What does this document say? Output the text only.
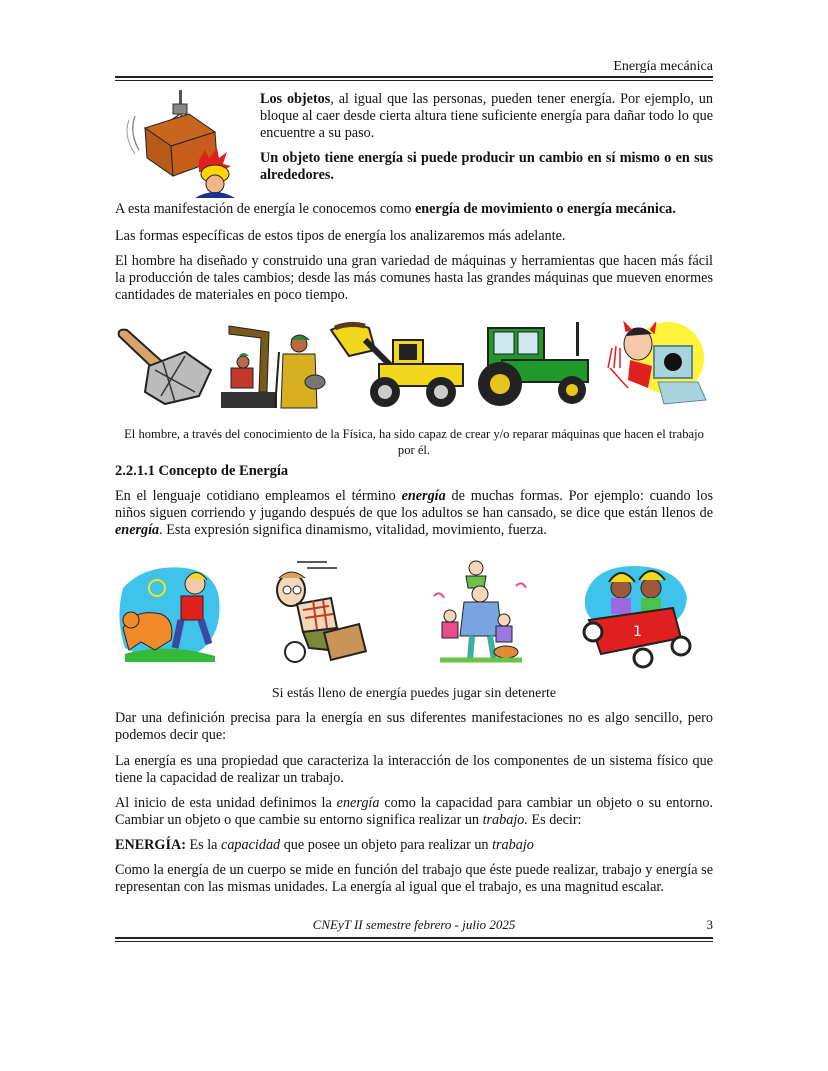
Energía mecánica

Los objetos, al igual que las personas, pueden tener energía. Por ejemplo, un bloque al caer desde cierta altura tiene suficiente energía para dañar todo lo que encuentre a su paso.

Un objeto tiene energía si puede producir un cambio en sí mismo o en sus alrededores.

A esta manifestación de energía le conocemos como energía de movimiento o energía mecánica.

Las formas específicas de estos tipos de energía los analizaremos más adelante.

El hombre ha diseñado y construido una gran variedad de máquinas y herramientas que hacen más fácil la producción de tales cambios; desde las más comunes hasta las grandes máquinas que mueven enormes cantidades de materiales en poco tiempo.

El hombre, a través del conocimiento de la Física, ha sido capaz de crear y/o reparar máquinas que hacen el trabajo por él.

2.2.1.1 Concepto de Energía

En el lenguaje cotidiano empleamos el término energía de muchas formas. Por ejemplo: cuando los niños siguen corriendo y jugando después de que los adultos se han cansado, se dice que están llenos de energía. Esta expresión significa dinamismo, vitalidad, movimiento, fuerza.

1

Si estás lleno de energía puedes jugar sin detenerte

Dar una definición precisa para la energía en sus diferentes manifestaciones no es algo sencillo, pero podemos decir que:

La energía es una propiedad que caracteriza la interacción de los componentes de un sistema físico que tiene la capacidad de realizar un trabajo.

Al inicio de esta unidad definimos la energía como la capacidad para cambiar un objeto o su entorno. Cambiar un objeto o que cambie su entorno significa realizar un trabajo. Es decir:

ENERGÍA: Es la capacidad que posee un objeto para realizar un trabajo

Como la energía de un cuerpo se mide en función del trabajo que éste puede realizar, trabajo y energía se representan con las mismas unidades. La energía al igual que el trabajo, es una magnitud escalar.

CNEyT II semestre febrero - julio 2025	3
